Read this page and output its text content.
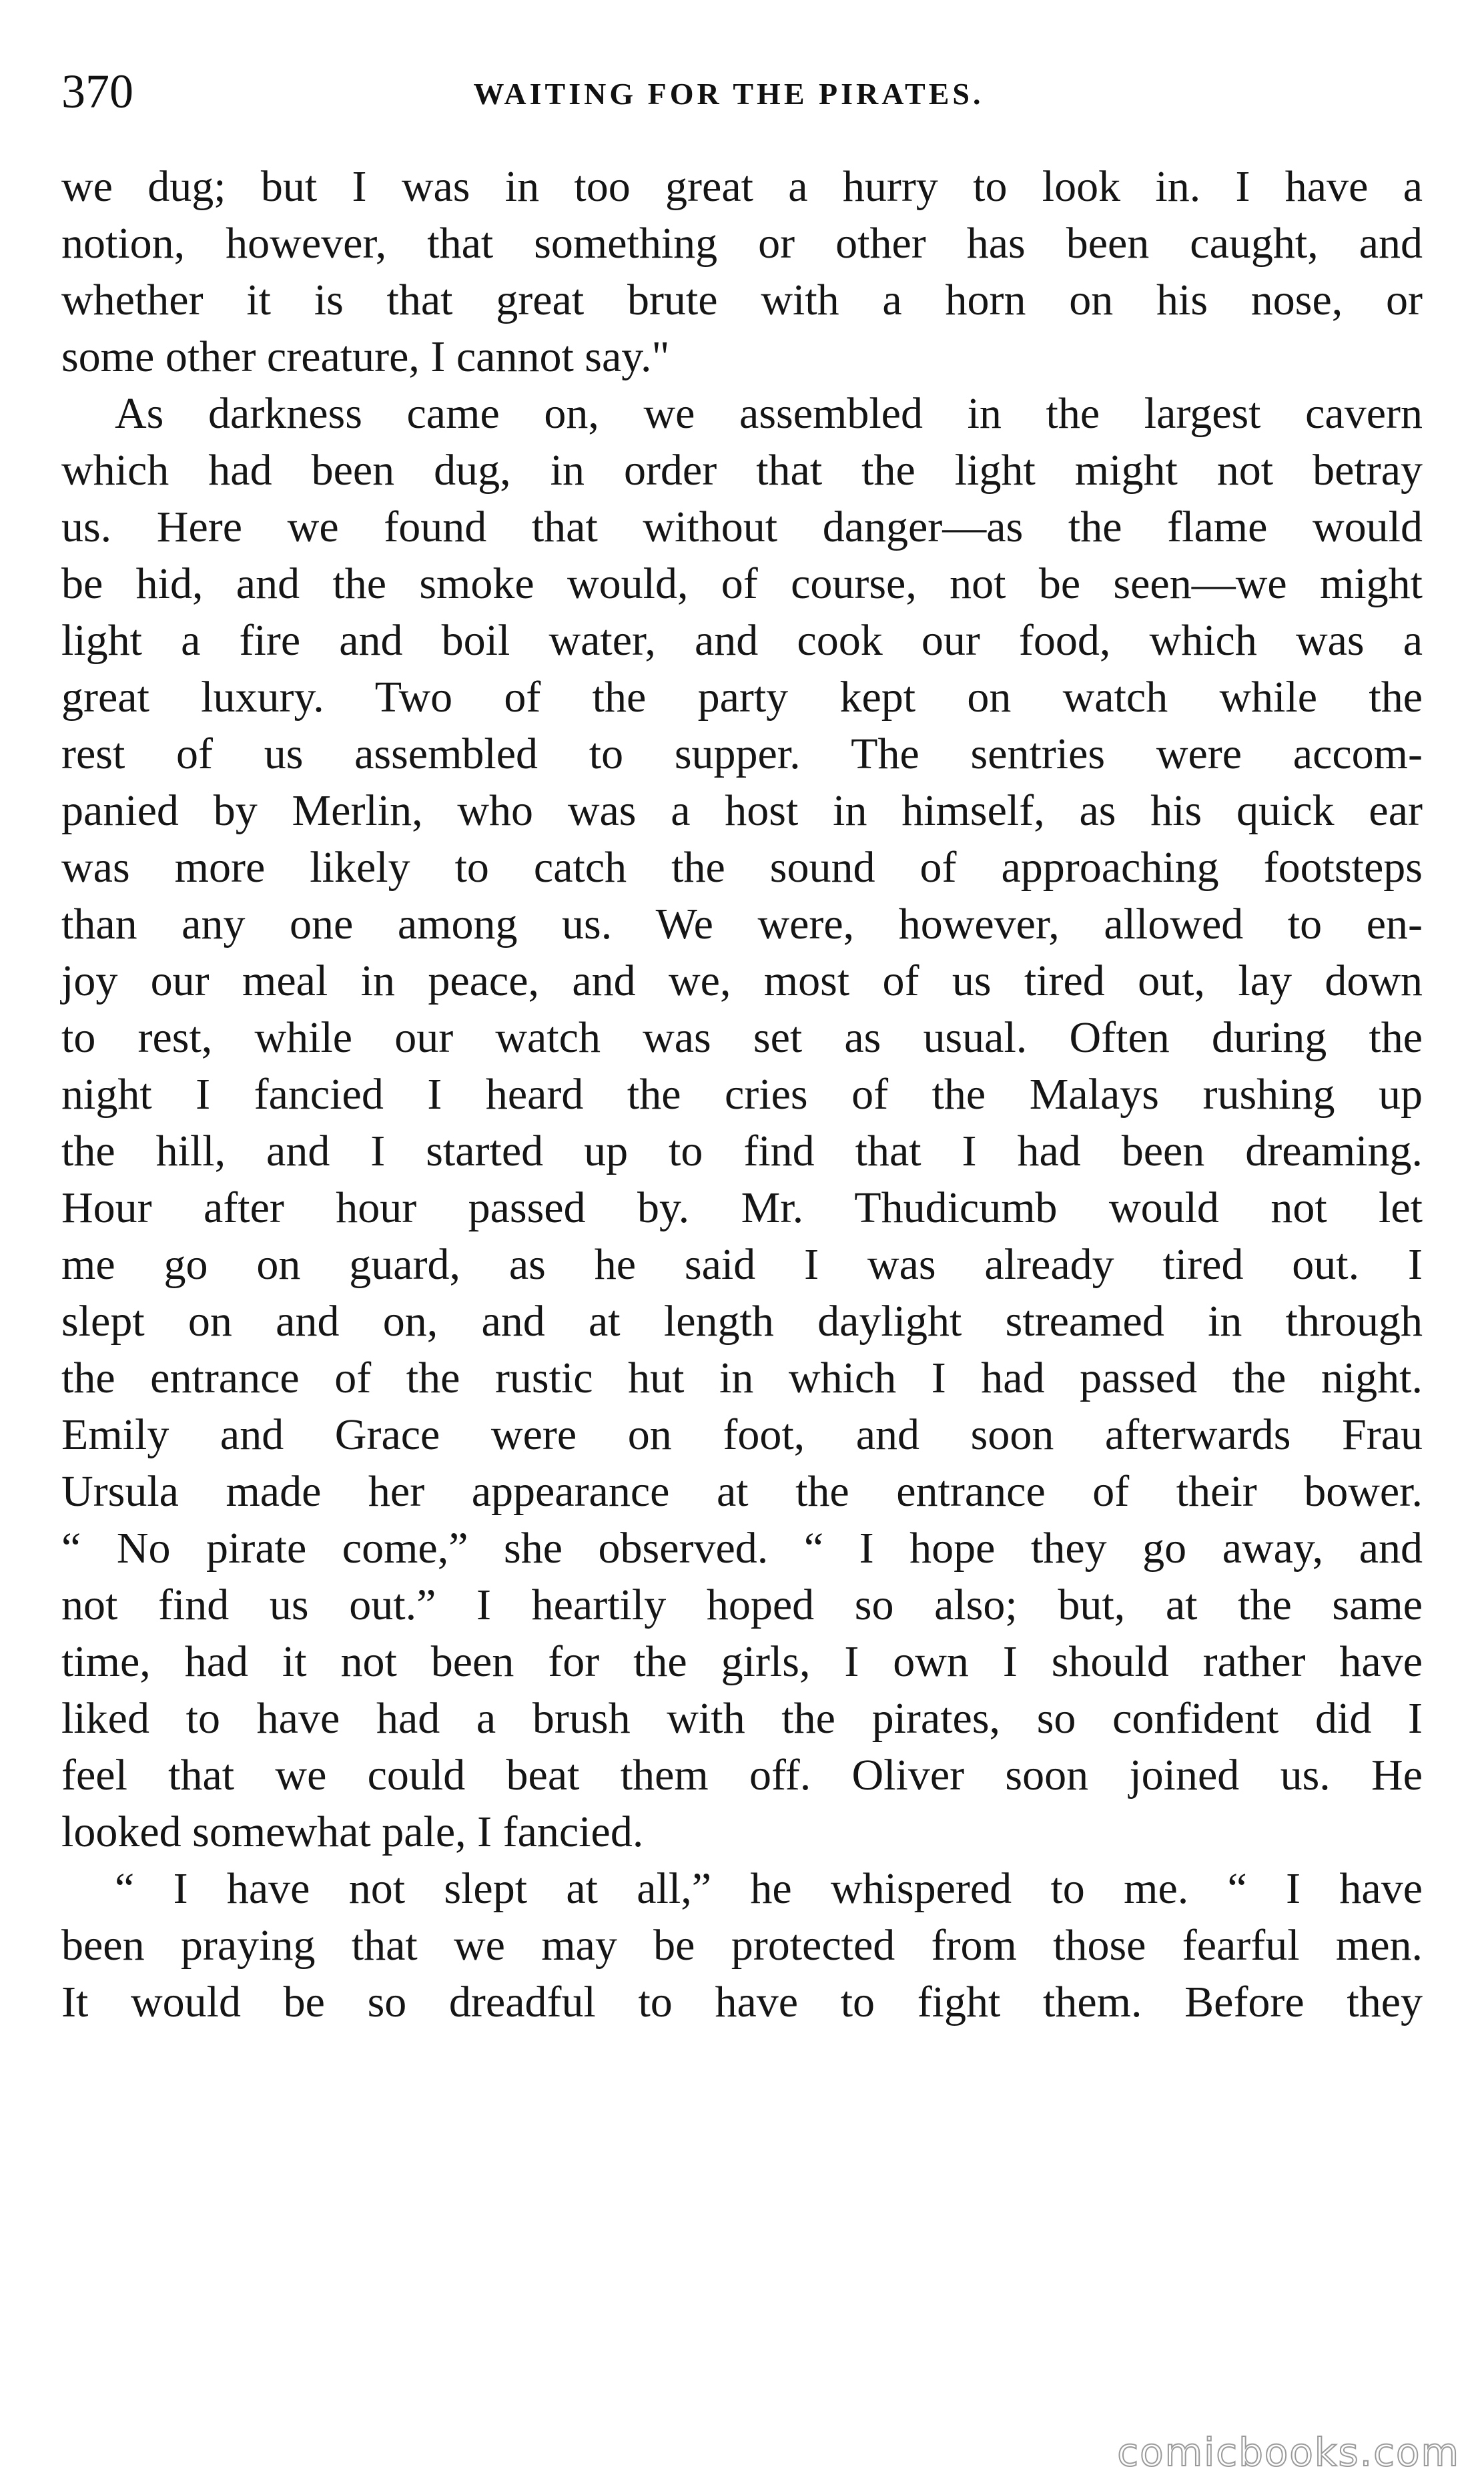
370	WAITING FOR THE PIRATES.
we dug; but I was in too great a hurry to look in. I have a
notion, however, that something or other has been caught, and
whether it is that great brute with a horn on his nose, or
some other creature, I cannot say."
As darkness came on, we assembled in the largest cavern
which had been dug, in order that the light might not betray
us. Here we found that without danger—as the flame would
be hid, and the smoke would, of course, not be seen—we might
light a fire and boil water, and cook our food, which was a
great luxury. Two of the party kept on watch while the
rest of us assembled to supper. The sentries were accom-
panied by Merlin, who was a host in himself, as his quick ear
was more likely to catch the sound of approaching footsteps
than any one among us. We were, however, allowed to en-
joy our meal in peace, and we, most of us tired out, lay down
to rest, while our watch was set as usual. Often during the
night I fancied I heard the cries of the Malays rushing up
the hill, and I started up to find that I had been dreaming.
Hour after hour passed by. Mr. Thudicumb would not let
me go on guard, as he said I was already tired out. I
slept on and on, and at length daylight streamed in through
the entrance of the rustic hut in which I had passed the night.
Emily and Grace were on foot, and soon afterwards Frau
Ursula made her appearance at the entrance of their bower.
“ No pirate come,” she observed. “ I hope they go away, and
not find us out.” I heartily hoped so also; but, at the same
time, had it not been for the girls, I own I should rather have
liked to have had a brush with the pirates, so confident did I
feel that we could beat them off. Oliver soon joined us. He
looked somewhat pale, I fancied.
“ I have not slept at all,” he whispered to me. “ I have
been praying that we may be protected from those fearful men.
It would be so dreadful to have to fight them. Before they
comicbooks.com
